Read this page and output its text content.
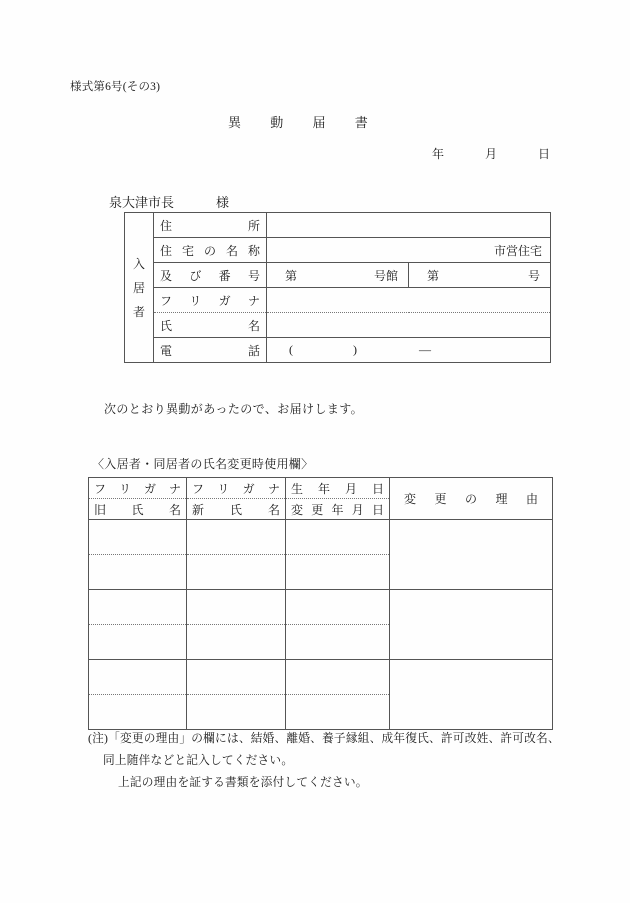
様式第6号(その3)
異 動 届 書
年 月 日

泉大津市長	様

入
居
者	住 所		

	住 宅 の 名 称	市営住宅	

	及 び 番 号	第 号館	第 号

	フ リ ガ ナ		

	氏 名		

	電 話	( ) —	
次のとおり異動があったので、お届けします。
〈入居者・同居者の氏名変更時使用欄〉
フ リ ガ ナ	フ リ ガ ナ	生 年 月 日	変 更 の 理 由

旧 氏 名	新 氏 名	変 更 年 月 日	

(注)「変更の理由」の欄には、結婚、離婚、養子縁組、成年復氏、許可改姓、許可改名、
同上随伴などと記入してください。
上記の理由を証する書類を添付してください。
